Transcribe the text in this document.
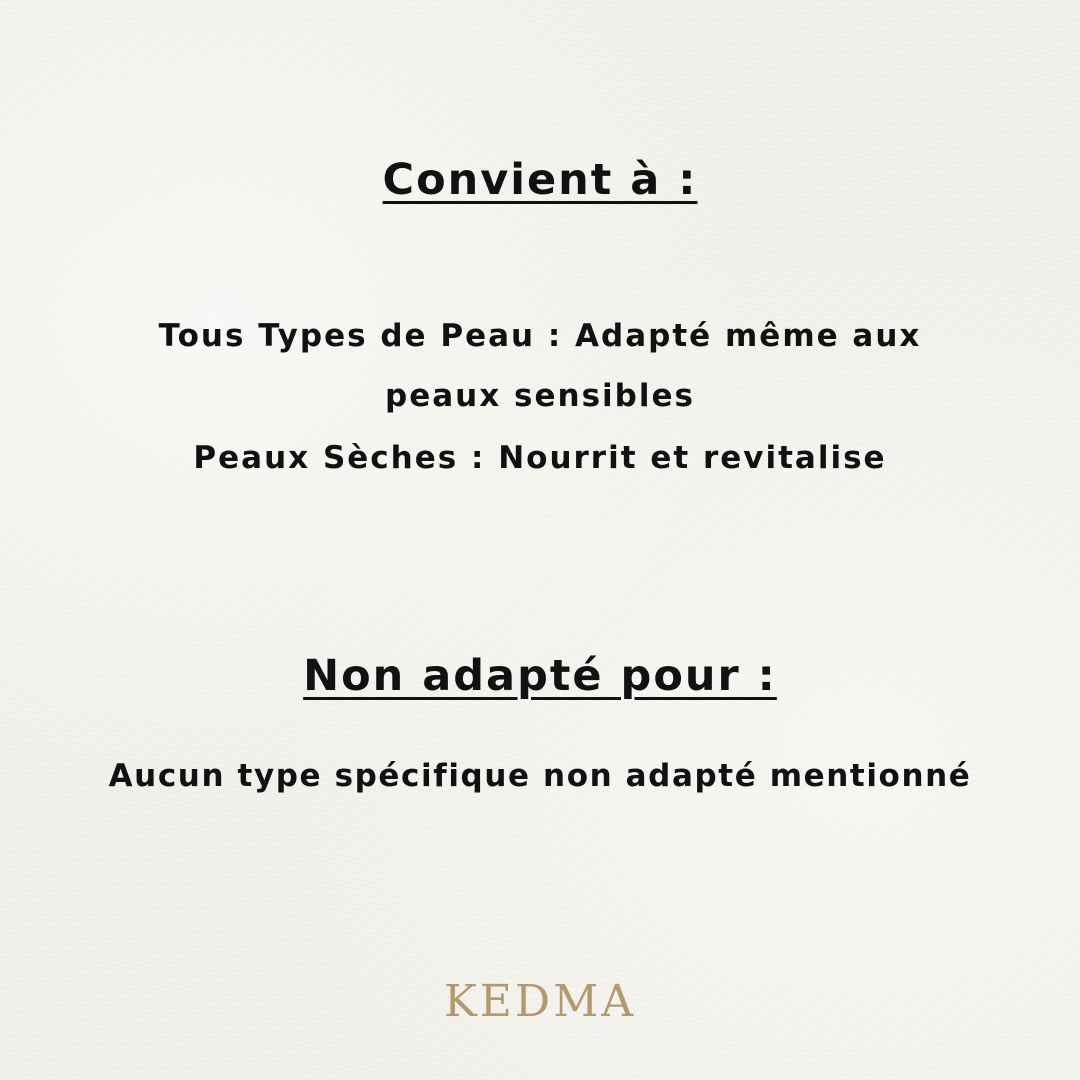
Convient à :

Tous Types de Peau : Adapté même aux

peaux sensibles

Peaux Sèches : Nourrit et revitalise

Non adapté pour :

Aucun type spécifique non adapté mentionné

KEDMA
